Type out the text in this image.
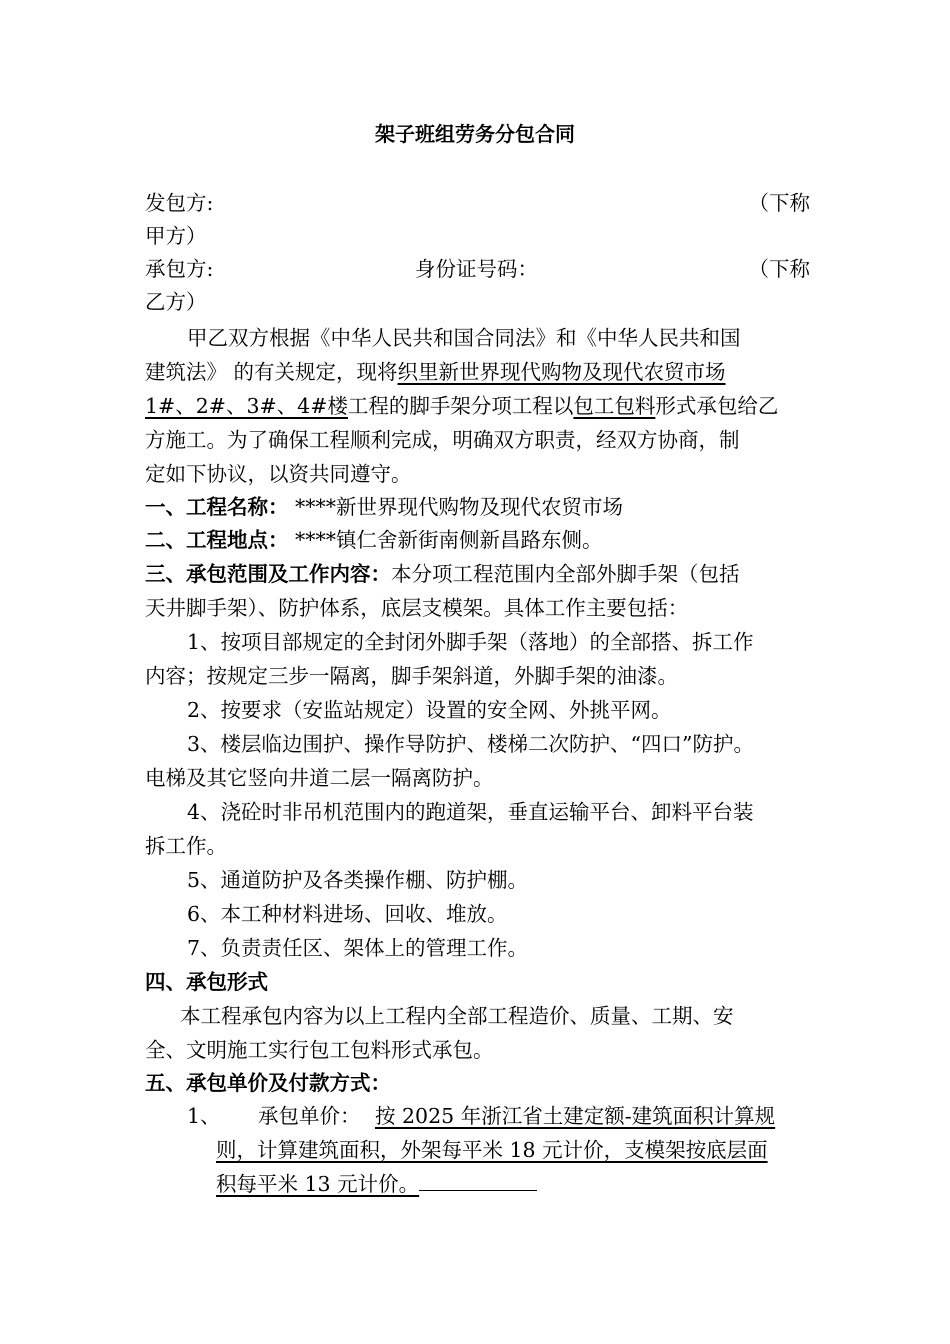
架子班组劳务分包合同
发包方:	（下称
甲方）
承包方:	身份证号码：	（下称
乙方）
甲乙双方根据《中华人民共和国合同法》和《中华人民共和国
建筑法》 的有关规定，现将织里新世界现代购物及现代农贸市场
1#、2#、3#、4#楼工程的脚手架分项工程以包工包料形式承包给乙
方施工。为了确保工程顺利完成，明确双方职责，经双方协商，制
定如下协议，以资共同遵守。
一、工程名称： ****新世界现代购物及现代农贸市场
二、工程地点： ****镇仁舍新街南侧新昌路东侧。
三、承包范围及工作内容：本分项工程范围内全部外脚手架（包括
天井脚手架）、防护体系，底层支模架。具体工作主要包括：
1、按项目部规定的全封闭外脚手架（落地）的全部搭、拆工作
内容；按规定三步一隔离，脚手架斜道，外脚手架的油漆。
2、按要求（安监站规定）设置的安全网、外挑平网。
3、楼层临边围护、操作导防护、楼梯二次防护、“四口”防护。
电梯及其它竖向井道二层一隔离防护。
4、浇砼时非吊机范围内的跑道架，垂直运输平台、卸料平台装
拆工作。
5、通道防护及各类操作棚、防护棚。
6、本工种材料进场、回收、堆放。
7、负责责任区、架体上的管理工作。
四、承包形式
本工程承包内容为以上工程内全部工程造价、质量、工期、安
全、文明施工实行包工包料形式承包。
五、承包单价及付款方式：
1、 承包单价： 按 2025 年浙江省土建定额-建筑面积计算规
则，计算建筑面积，外架每平米 18 元计价，支模架按底层面
积每平米 13 元计价。
